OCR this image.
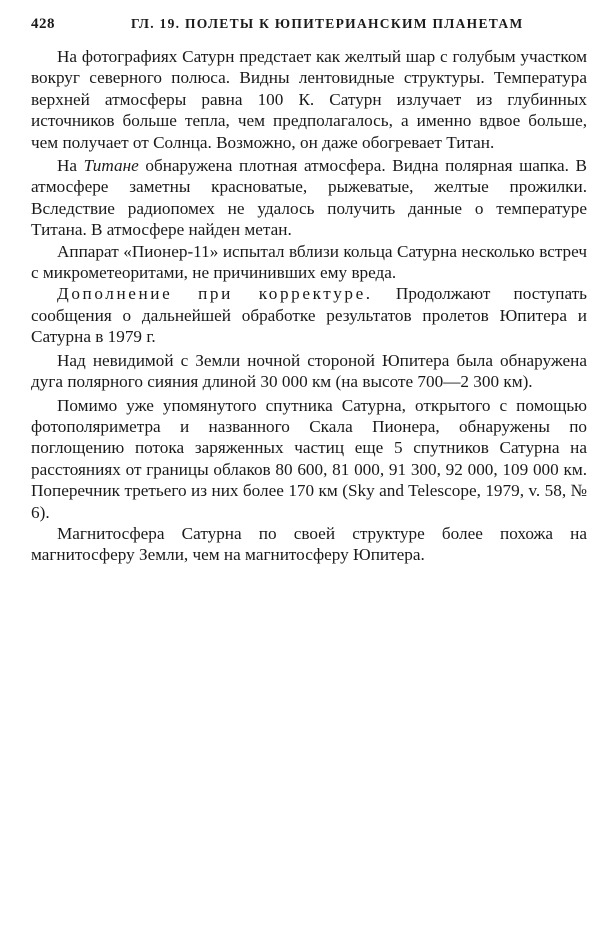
428	ГЛ. 19. ПОЛЕТЫ К ЮПИТЕРИАНСКИМ ПЛАНЕТАМ

На фотографиях Сатурн предстает как желтый шар с голубым участком вокруг северного полюса. Видны лентовидные структуры. Температура верхней атмосферы равна 100 К. Сатурн излучает из глубинных источников больше тепла, чем предполагалось, а именно вдвое больше, чем получает от Солнца. Возможно, он даже обогревает Титан.

На Титане обнаружена плотная атмосфера. Видна полярная шапка. В атмосфере заметны красноватые, рыжеватые, желтые прожилки. Вследствие радиопомех не удалось получить данные о температуре Титана. В атмосфере найден метан.

Аппарат «Пионер-11» испытал вблизи кольца Сатурна несколько встреч с микрометеоритами, не причинивших ему вреда.

Дополнение при корректуре. Продолжают поступать сообщения о дальнейшей обработке результатов пролетов Юпитера и Сатурна в 1979 г.

Над невидимой с Земли ночной стороной Юпитера была обнаружена дуга полярного сияния длиной 30 000 км (на высоте 700—2 300 км).

Помимо уже упомянутого спутника Сатурна, открытого с помощью фотополяриметра и названного Скала Пионера, обнаружены по поглощению потока заряженных частиц еще 5 спутников Сатурна на расстояниях от границы облаков 80 600, 81 000, 91 300, 92 000, 109 000 км. Поперечник третьего из них более 170 км (Sky and Telescope, 1979, v. 58, № 6).

Магнитосфера Сатурна по своей структуре более похожа на магнитосферу Земли, чем на магнитосферу Юпитера.
